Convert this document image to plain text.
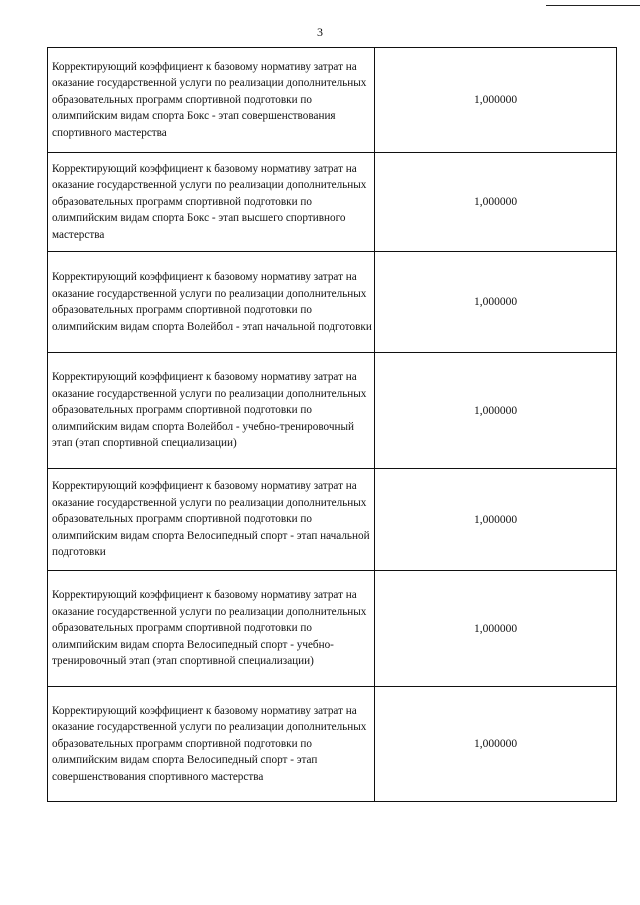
3
Корректирующий коэффициент к базовому нормативу затрат на оказание государственной услуги по реализации дополнительных образовательных программ спортивной подготовки по олимпийским видам спорта Бокс - этап совершенствования спортивного мастерства	1,000000
Корректирующий коэффициент к базовому нормативу затрат на оказание государственной услуги по реализации дополнительных образовательных программ спортивной подготовки по олимпийским видам спорта Бокс - этап высшего спортивного мастерства	1,000000
Корректирующий коэффициент к базовому нормативу затрат на оказание государственной услуги по реализации дополнительных образовательных программ спортивной подготовки по олимпийским видам спорта Волейбол - этап начальной подготовки	1,000000
Корректирующий коэффициент к базовому нормативу затрат на оказание государственной услуги по реализации дополнительных образовательных программ спортивной подготовки по олимпийским видам спорта Волейбол - учебно-тренировочный этап (этап спортивной специализации)	1,000000
Корректирующий коэффициент к базовому нормативу затрат на оказание государственной услуги по реализации дополнительных образовательных программ спортивной подготовки по олимпийским видам спорта Велосипедный спорт - этап начальной подготовки	1,000000
Корректирующий коэффициент к базовому нормативу затрат на оказание государственной услуги по реализации дополнительных образовательных программ спортивной подготовки по олимпийским видам спорта Велосипедный спорт - учебно-тренировочный этап (этап спортивной специализации)	1,000000
Корректирующий коэффициент к базовому нормативу затрат на оказание государственной услуги по реализации дополнительных образовательных программ спортивной подготовки по олимпийским видам спорта Велосипедный спорт - этап совершенствования спортивного мастерства	1,000000
